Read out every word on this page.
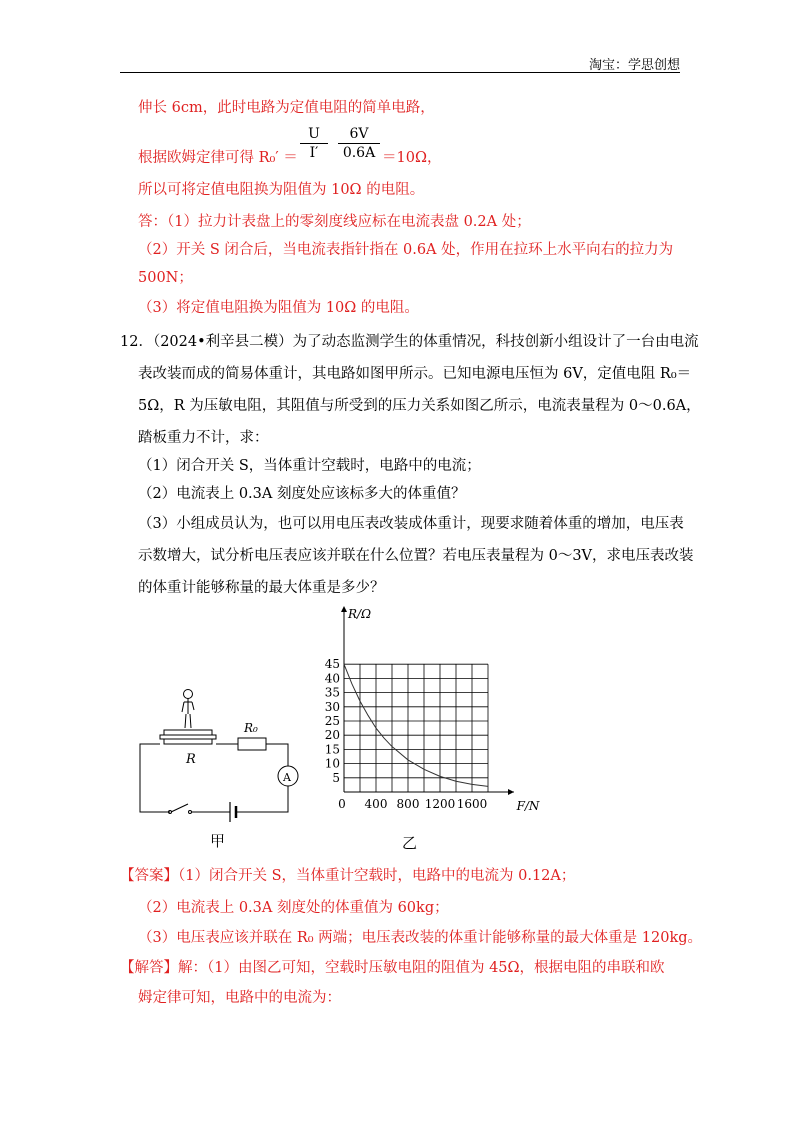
淘宝：学思创想
伸长 6cm，此时电路为定值电阻的简单电路，
根据欧姆定律可得 R₀′ ＝
U
I′
6V
0.6A ＝10Ω，
所以可将定值电阻换为阻值为 10Ω 的电阻。
答：（1）拉力计表盘上的零刻度线应标在电流表盘 0.2A 处；
（2）开关 S 闭合后，当电流表指针指在 0.6A 处，作用在拉环上水平向右的拉力为
500N；
（3）将定值电阻换为阻值为 10Ω 的电阻。
12．（2024•利辛县二模）为了动态监测学生的体重情况，科技创新小组设计了一台由电流
表改装而成的简易体重计，其电路如图甲所示。已知电源电压恒为 6V，定值电阻 R₀＝
5Ω，R 为压敏电阻，其阻值与所受到的压力关系如图乙所示，电流表量程为 0～0.6A，
踏板重力不计，求：
（1）闭合开关 S，当体重计空载时，电路中的电流；
（2）电流表上 0.3A 刻度处应该标多大的体重值？
（3）小组成员认为，也可以用电压表改装成体重计，现要求随着体重的增加，电压表
示数增大，试分析电压表应该并联在什么位置？若电压表量程为 0～3V，求电压表改装
的体重计能够称量的最大体重是多少？
R
R₀
A
甲
5
10
15
20
25
30
35
40
45
0 400 800 1200 1600 F/N
R/Ω
乙
【答案】（1）闭合开关 S，当体重计空载时，电路中的电流为 0.12A；
（2）电流表上 0.3A 刻度处的体重值为 60kg；
（3）电压表应该并联在 R₀ 两端；电压表改装的体重计能够称量的最大体重是 120kg。
【解答】解：（1）由图乙可知，空载时压敏电阻的阻值为 45Ω，根据电阻的串联和欧
姆定律可知，电路中的电流为：
